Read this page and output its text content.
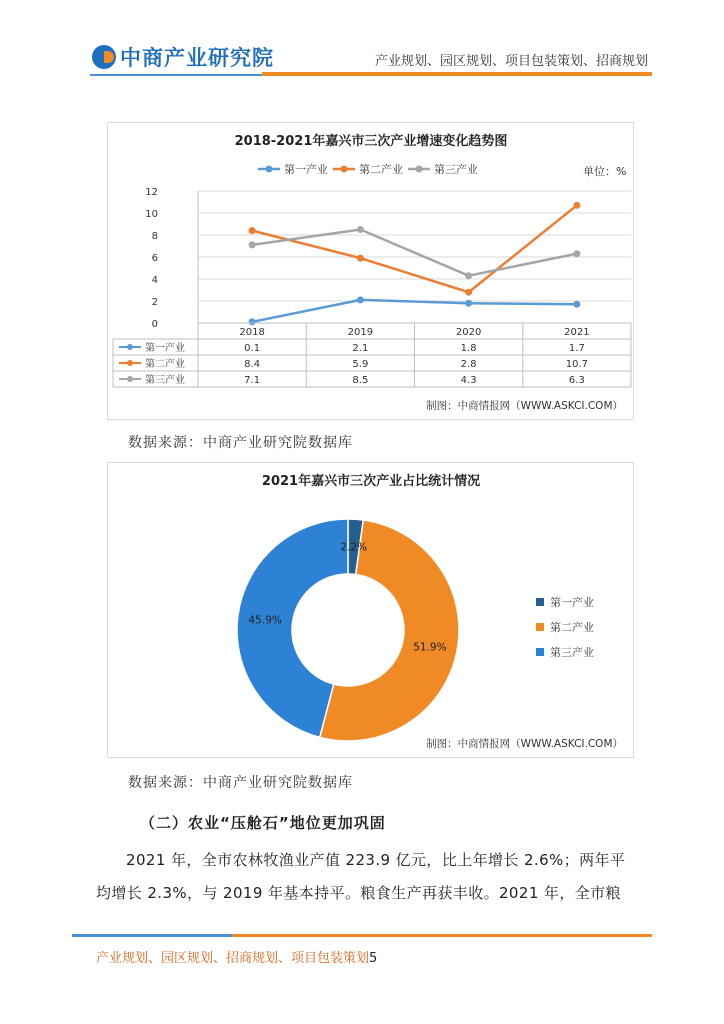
中商产业研究院	产业规划、园区规划、项目包装策划、招商规划
2018-2021年嘉兴市三次产业增速变化趋势图
第一产业	第二产业	第三产业	单位：%
0
2
4
6
8
10
12
2018	2019	2020	2021
第一产业	0.1	2.1	1.8	1.7
第二产业	8.4	5.9	2.8	10.7
第三产业	7.1	8.5	4.3	6.3
制图：中商情报网（WWW.ASKCI.COM）
数据来源：中商产业研究院数据库
2021年嘉兴市三次产业占比统计情况
2.2%
51.9%
45.9%
第一产业
第二产业
第三产业
制图：中商情报网（WWW.ASKCI.COM）
数据来源：中商产业研究院数据库
（二）农业“压舱石”地位更加巩固
2021 年，全市农林牧渔业产值 223.9 亿元，比上年增长 2.6%；两年平
均增长 2.3%，与 2019 年基本持平。粮食生产再获丰收。2021 年，全市粮
产业规划、园区规划、招商规划、项目包装策划5
